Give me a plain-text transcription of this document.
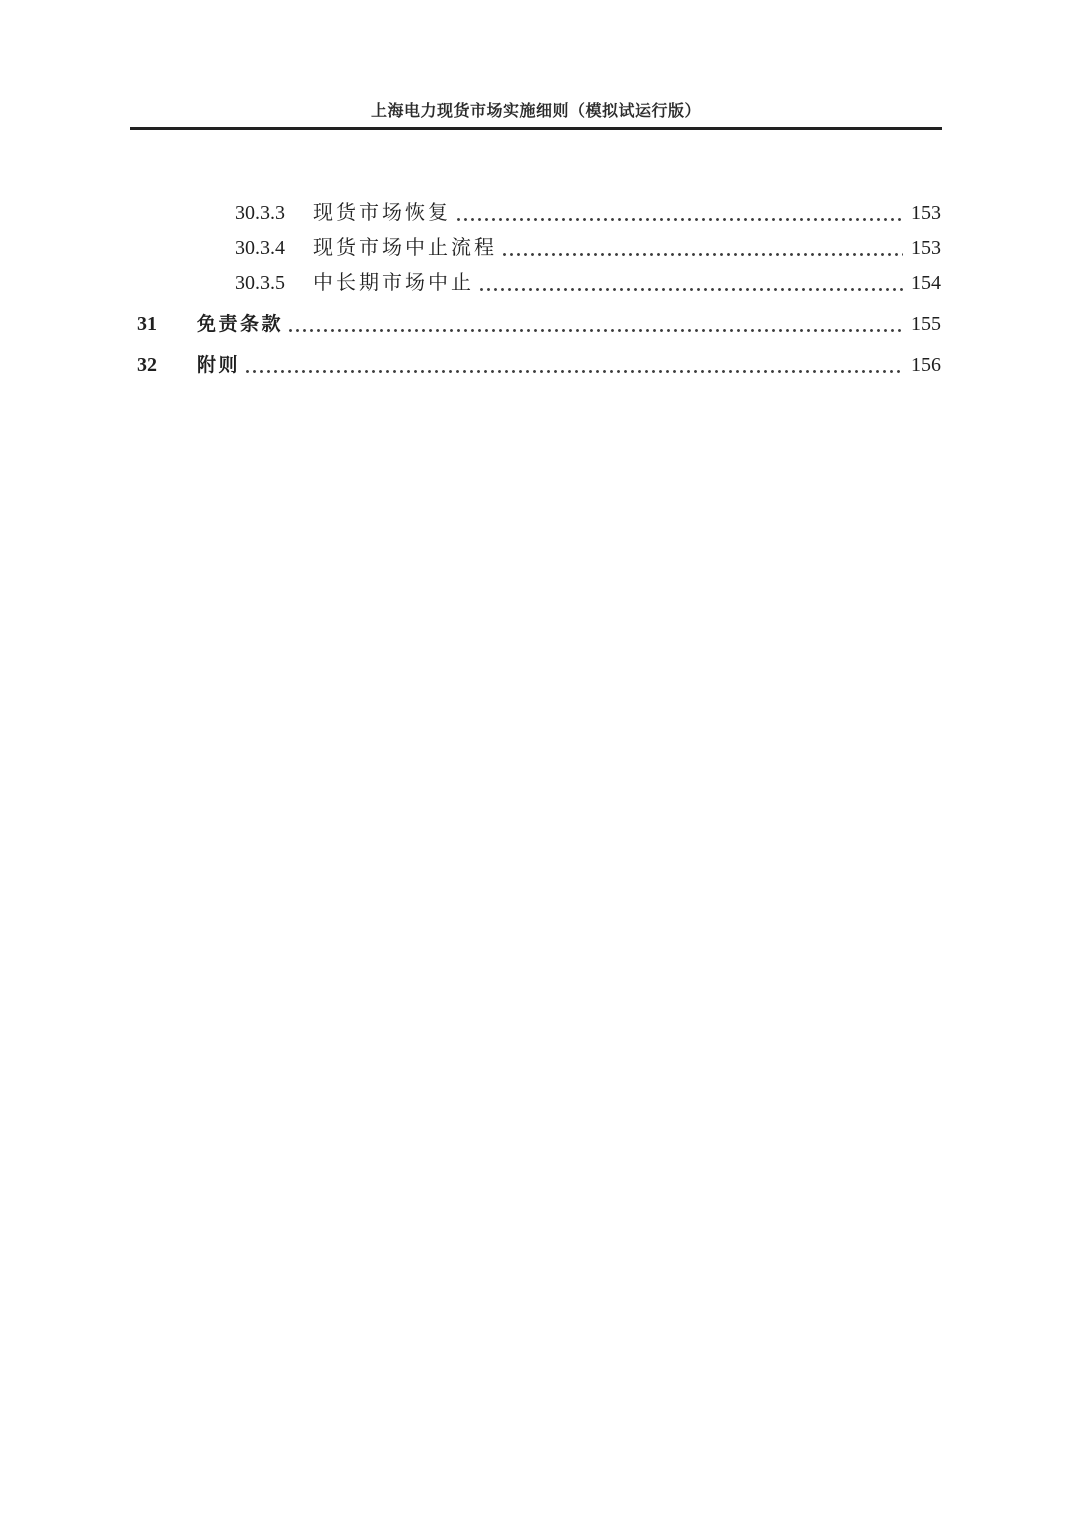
上海电力现货市场实施细则（模拟试运行版）
30.3.3	现货市场恢复	153
30.3.4	现货市场中止流程	153
30.3.5	中长期市场中止	154
31	免责条款	155
32	附则	156
